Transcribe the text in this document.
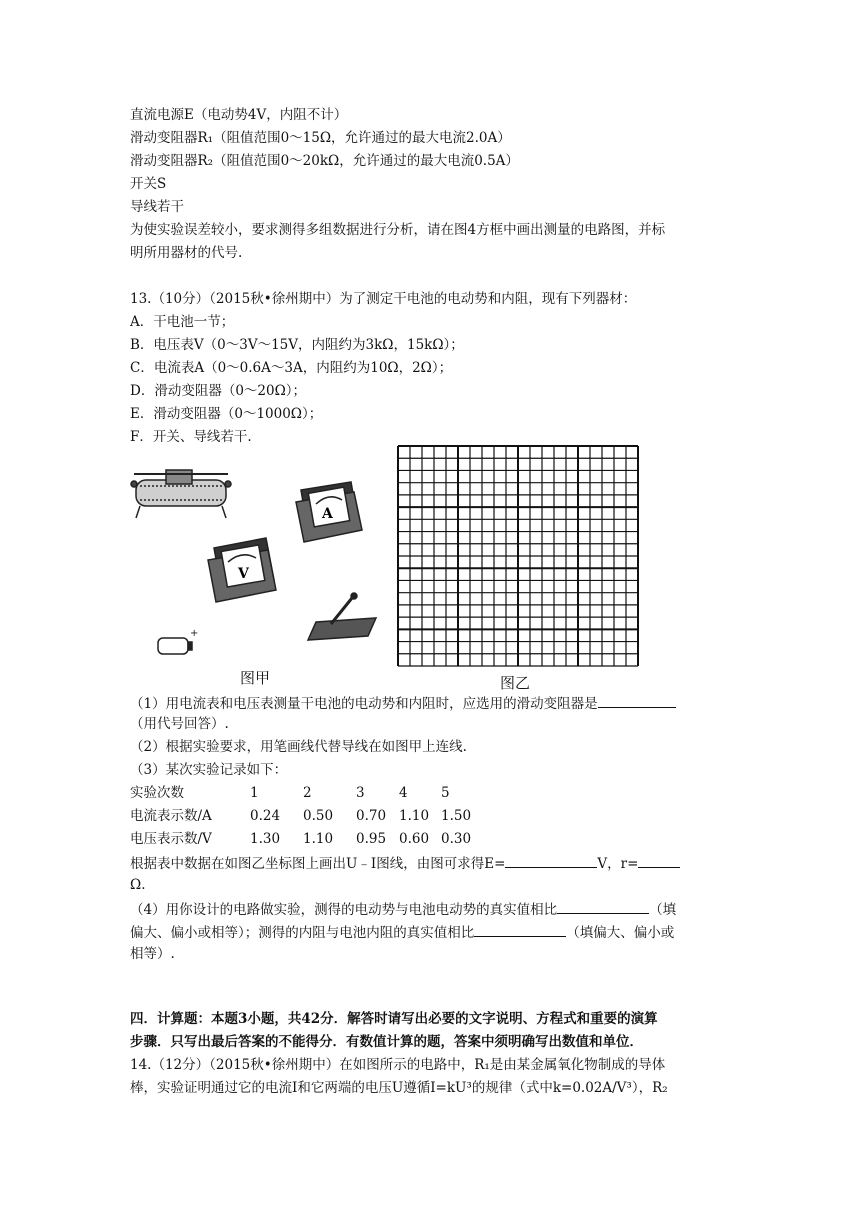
直流电源E（电动势4V，内阻不计）
滑动变阻器R₁（阻值范围0～15Ω，允许通过的最大电流2.0A）
滑动变阻器R₂（阻值范围0～20kΩ，允许通过的最大电流0.5A）
开关S
导线若干
为使实验误差较小，要求测得多组数据进行分析，请在图4方框中画出测量的电路图，并标
明所用器材的代号.
13.（10分）（2015秋•徐州期中）为了测定干电池的电动势和内阻，现有下列器材：
A．干电池一节；
B．电压表V（0～3V～15V，内阻约为3kΩ，15kΩ）；
C．电流表A（0～0.6A～3A，内阻约为10Ω，2Ω）；
D．滑动变阻器（0～20Ω）；
E．滑动变阻器（0～1000Ω）；
F．开关、导线若干.
A
V
+
图甲	图乙
（1）用电流表和电压表测量干电池的电动势和内阻时，应选用的滑动变阻器是
（用代号回答）.
（2）根据实验要求，用笔画线代替导线在如图甲上连线.
（3）某次实验记录如下：
实验次数	1	2	3	4 5
电流表示数/A	0.24 0.50 0.70 1.10 1.50
电压表示数/V	1.30 1.10 0.95 0.60 0.30
根据表中数据在如图乙坐标图上画出U﹣I图线，由图可求得E=	V，r=
Ω.
（4）用你设计的电路做实验，测得的电动势与电池电动势的真实值相比	（填
偏大、偏小或相等）；测得的内阻与电池内阻的真实值相比	（填偏大、偏小或
相等）.
四．计算题：本题3小题，共42分．解答时请写出必要的文字说明、方程式和重要的演算
步骤．只写出最后答案的不能得分．有数值计算的题，答案中须明确写出数值和单位．
14.（12分）（2015秋•徐州期中）在如图所示的电路中，R₁是由某金属氧化物制成的导体
棒，实验证明通过它的电流I和它两端的电压U遵循I=kU³的规律（式中k=0.02A/V³），R₂
